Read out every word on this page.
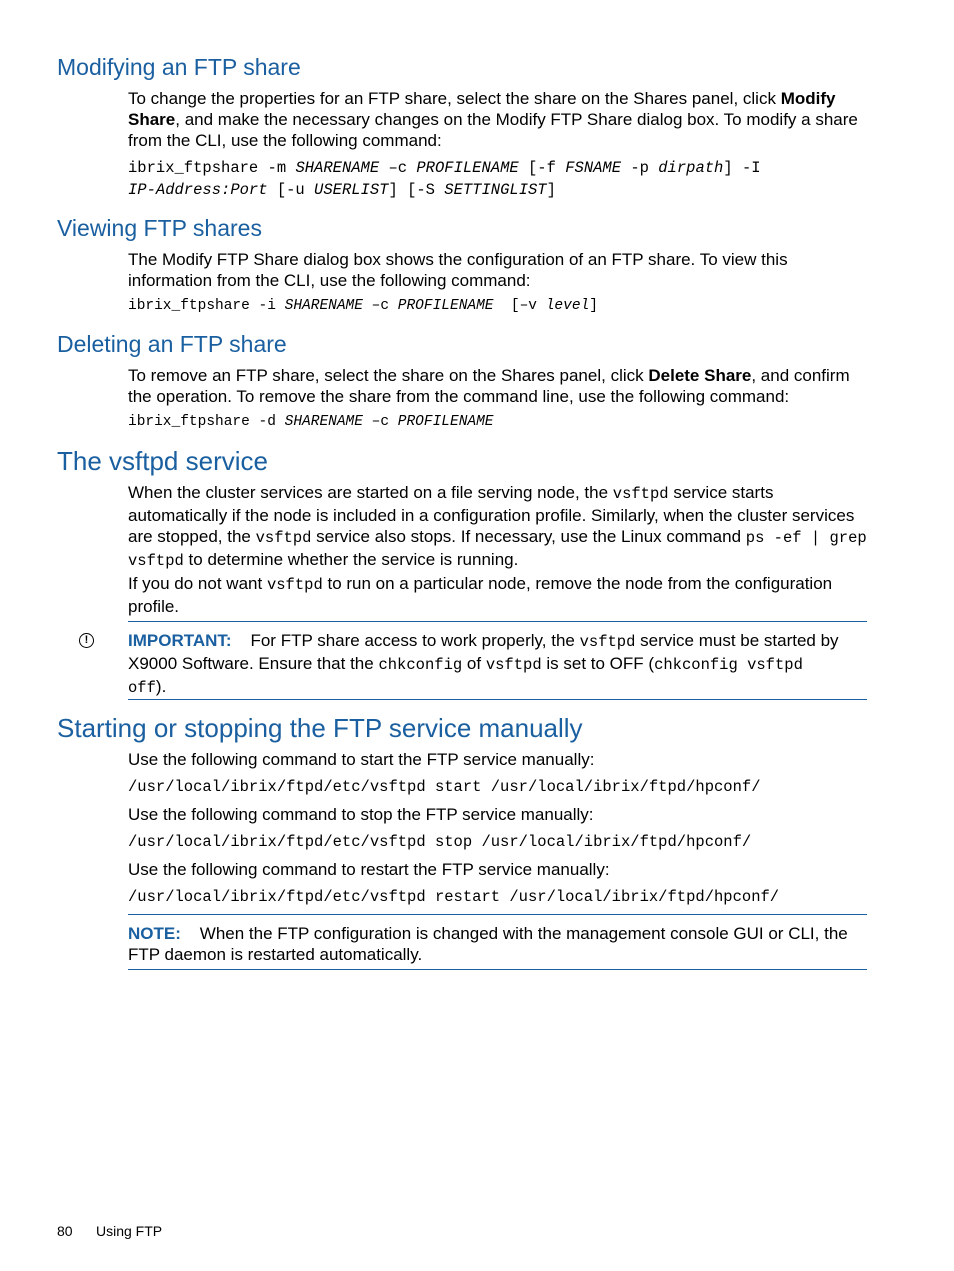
Modifying an FTP share

To change the properties for an FTP share, select the share on the Shares panel, click Modify Share, and make the necessary changes on the Modify FTP Share dialog box. To modify a share from the CLI, use the following command:

ibrix_ftpshare -m SHARENAME –c PROFILENAME [-f FSNAME -p dirpath] -I
IP-Address:Port [-u USERLIST] [-S SETTINGLIST]
Viewing FTP shares

The Modify FTP Share dialog box shows the configuration of an FTP share. To view this information from the CLI, use the following command:

ibrix_ftpshare -i SHARENAME –c PROFILENAME  [–v level]
Deleting an FTP share

To remove an FTP share, select the share on the Shares panel, click Delete Share, and confirm the operation. To remove the share from the command line, use the following command:

ibrix_ftpshare -d SHARENAME –c PROFILENAME
The vsftpd service

When the cluster services are started on a file serving node, the vsftpd service starts automatically if the node is included in a configuration profile. Similarly, when the cluster services are stopped, the vsftpd service also stops. If necessary, use the Linux command ps -ef | grep vsftpd to determine whether the service is running.

If you do not want vsftpd to run on a particular node, remove the node from the configuration profile.

!	IMPORTANT: For FTP share access to work properly, the vsftpd service must be started by X9000 Software. Ensure that the chkconfig of vsftpd is set to OFF (chkconfig vsftpd off).

Starting or stopping the FTP service manually

Use the following command to start the FTP service manually:

/usr/local/ibrix/ftpd/etc/vsftpd start /usr/local/ibrix/ftpd/hpconf/

Use the following command to stop the FTP service manually:

/usr/local/ibrix/ftpd/etc/vsftpd stop /usr/local/ibrix/ftpd/hpconf/

Use the following command to restart the FTP service manually:

/usr/local/ibrix/ftpd/etc/vsftpd restart /usr/local/ibrix/ftpd/hpconf/

NOTE: When the FTP configuration is changed with the management console GUI or CLI, the FTP daemon is restarted automatically.

80 Using FTP
